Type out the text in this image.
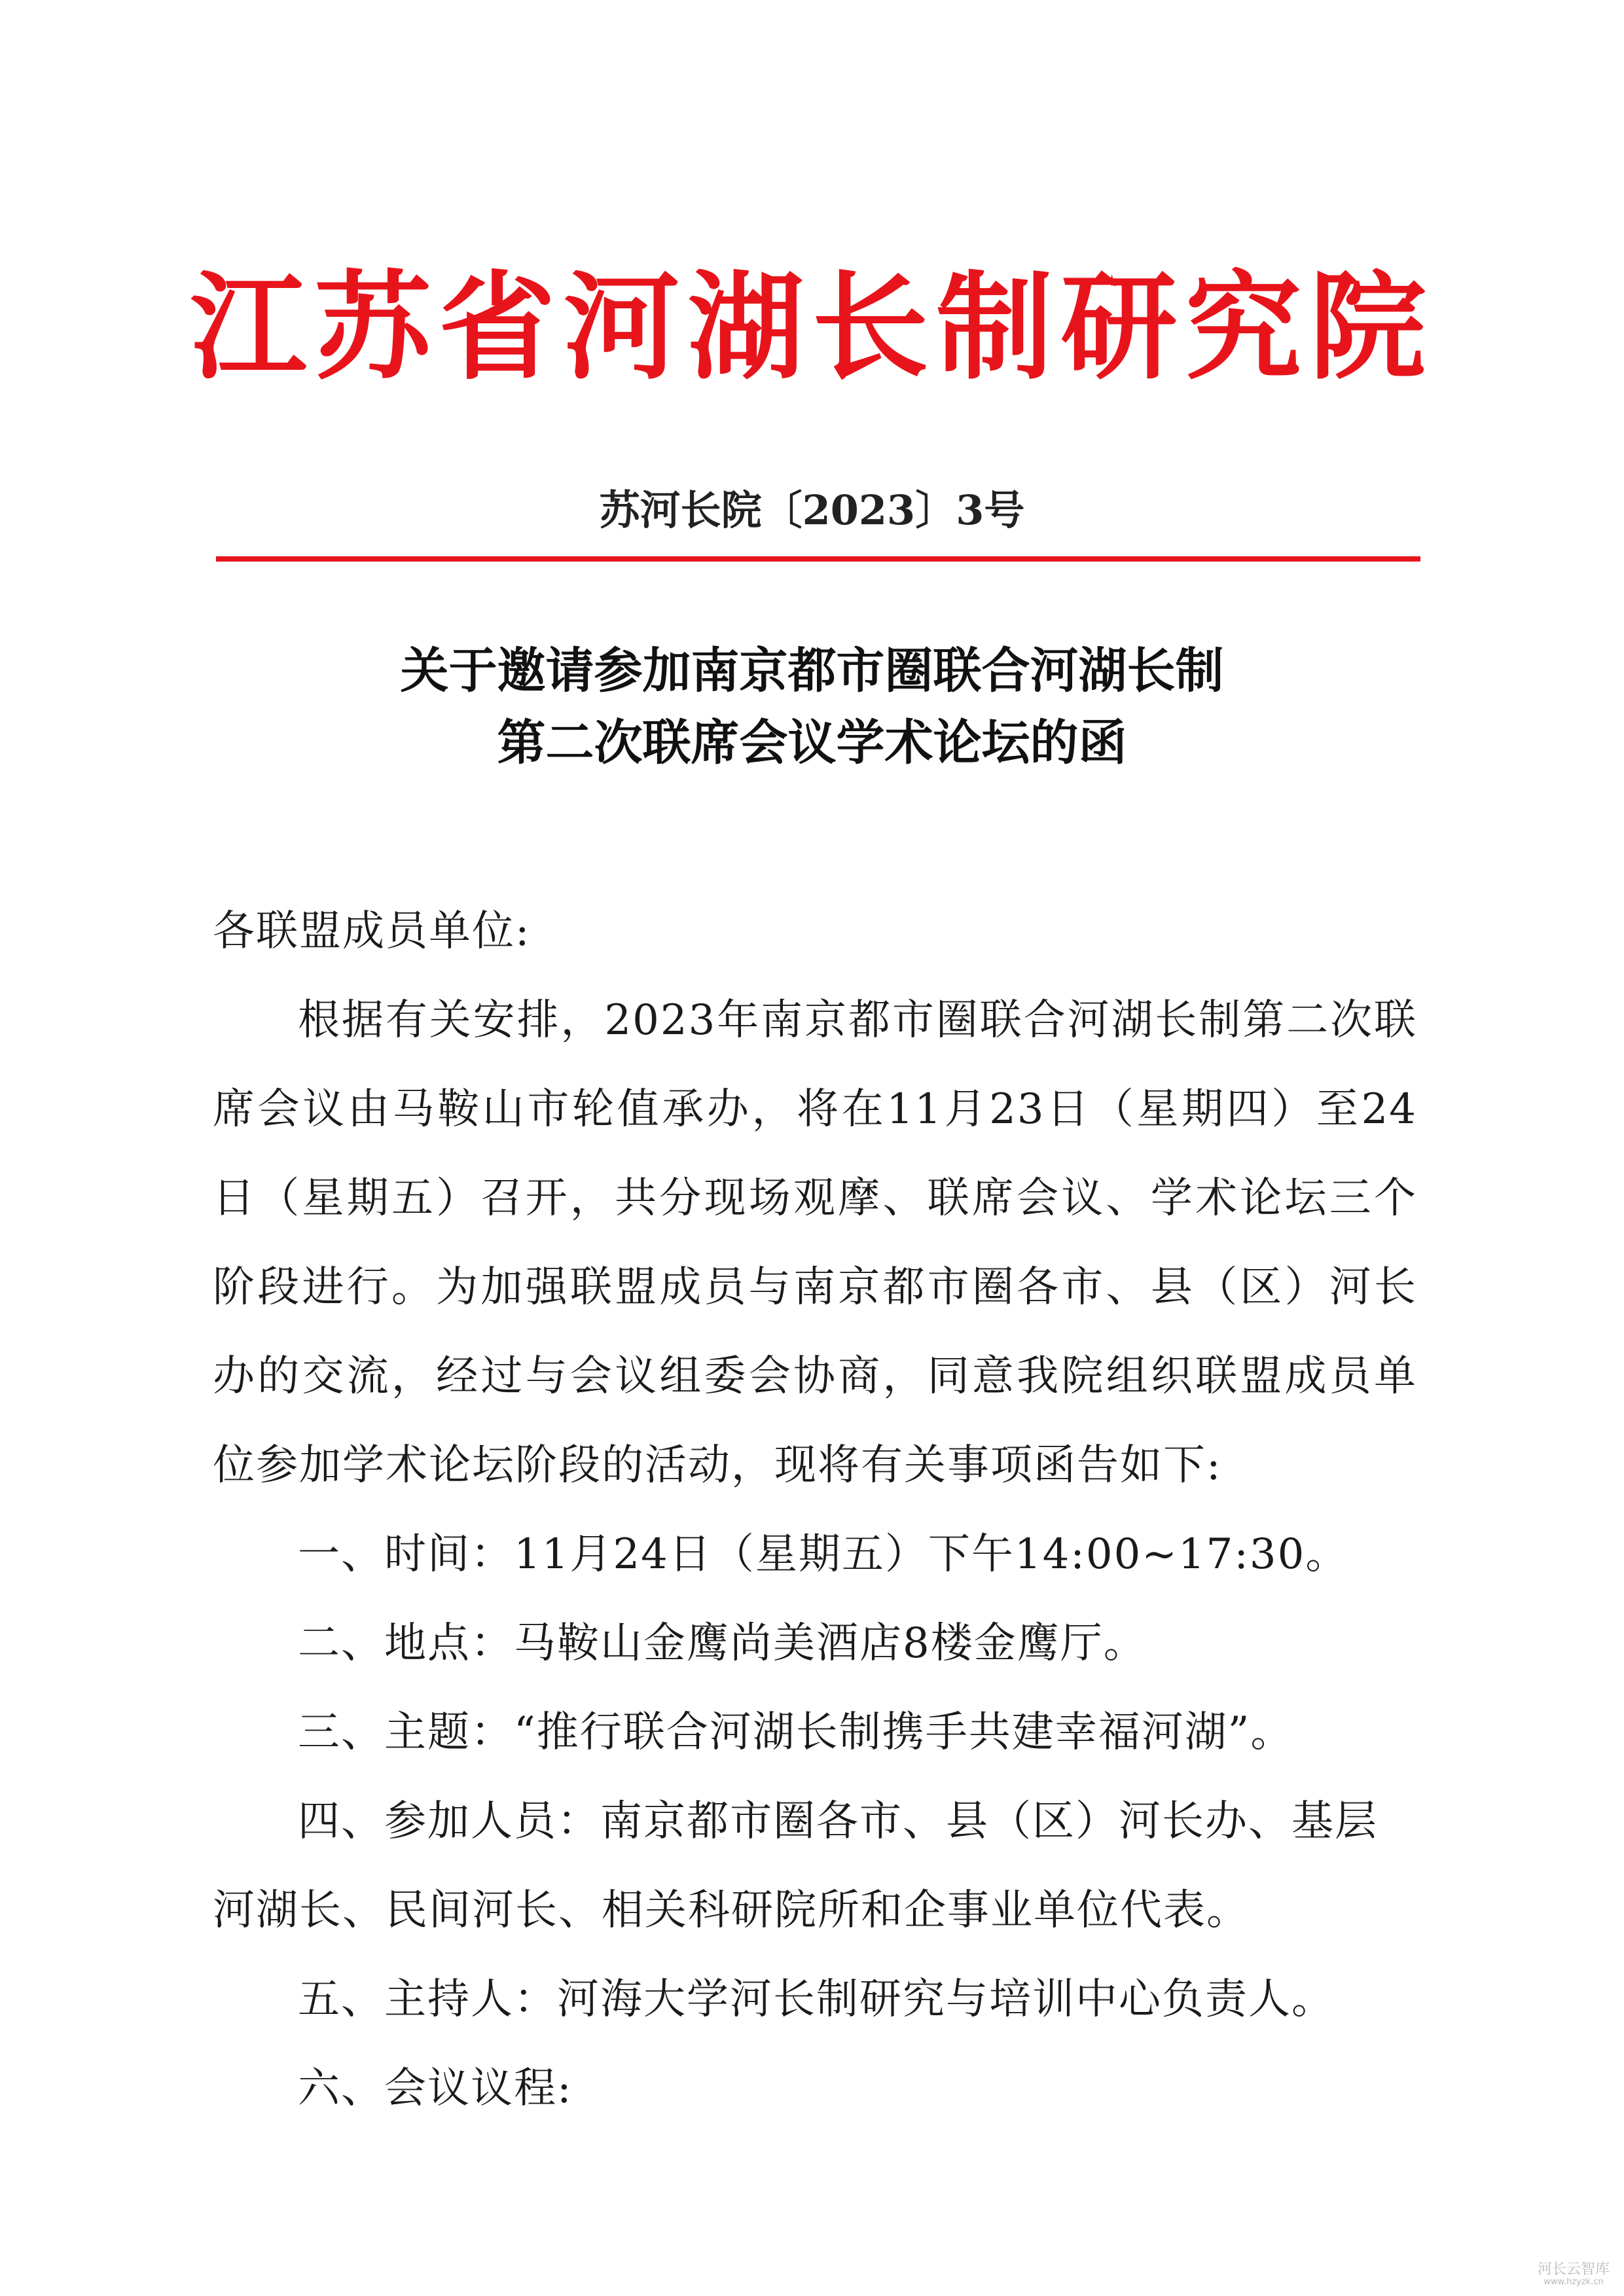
江苏省河湖长制研究院
苏河长院〔2023〕3号
关于邀请参加南京都市圈联合河湖长制
第二次联席会议学术论坛的函

各联盟成员单位:

根据有关安排，2023年南京都市圈联合河湖长制第二次联席会议由马鞍山市轮值承办，将在11月23日（星期四）至24日（星期五）召开，共分现场观摩、联席会议、学术论坛三个阶段进行。为加强联盟成员与南京都市圈各市、县（区）河长办的交流，经过与会议组委会协商，同意我院组织联盟成员单位参加学术论坛阶段的活动，现将有关事项函告如下:

一、时间：11月24日（星期五）下午14:00~17:30。

二、地点：马鞍山金鹰尚美酒店8楼金鹰厅。

三、主题：“推行联合河湖长制携手共建幸福河湖”。

四、参加人员：南京都市圈各市、县（区）河长办、基层河湖长、民间河长、相关科研院所和企事业单位代表。

五、主持人：河海大学河长制研究与培训中心负责人。

六、会议议程:

河长云智库
www.hzyzk.cn
